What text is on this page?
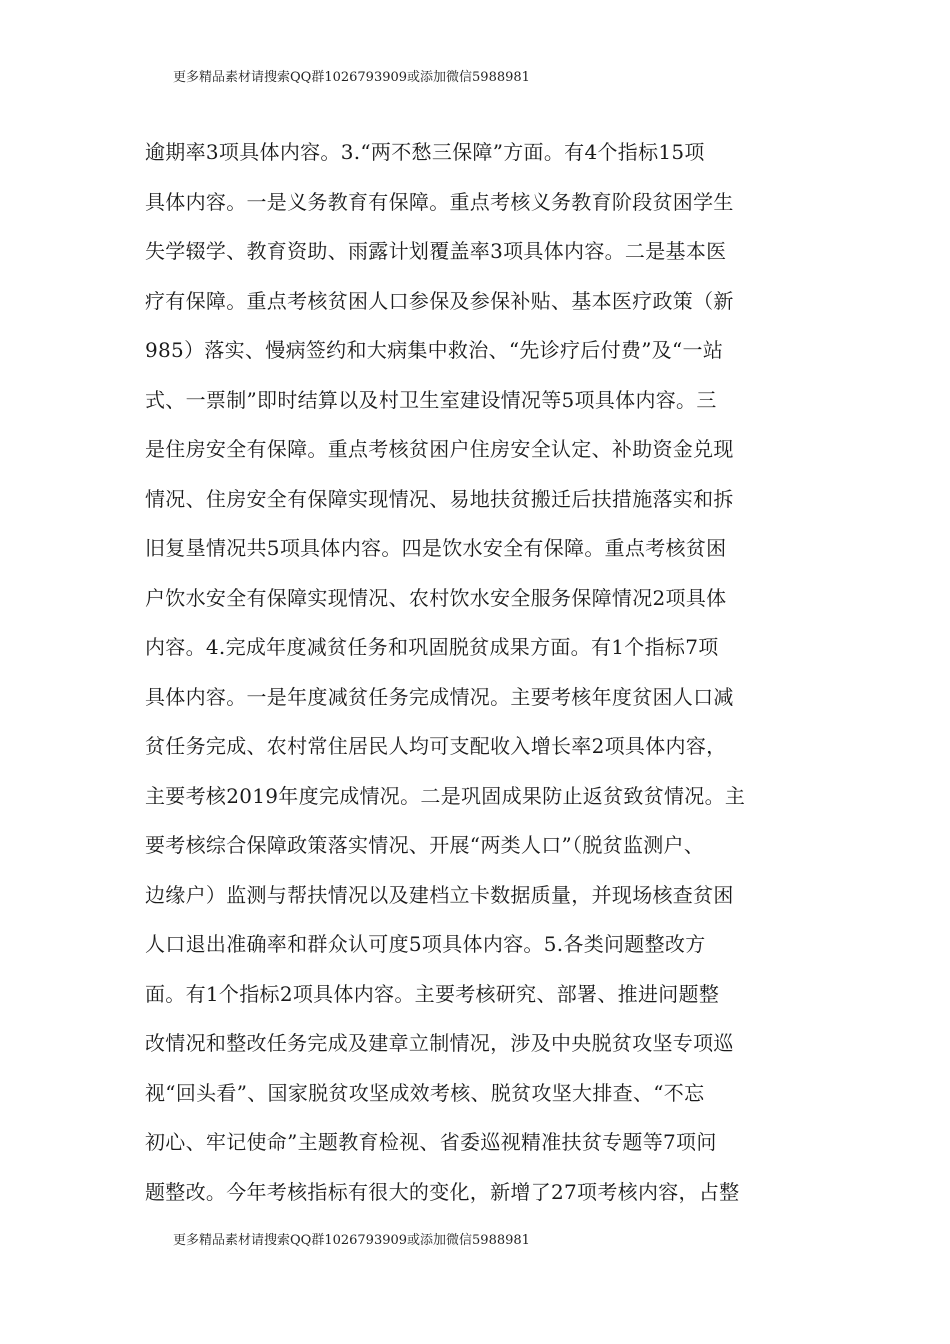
更多精品素材请搜索QQ群1026793909或添加微信5988981
逾期率3项具体内容。3.“两不愁三保障”方面。有4个指标15项
具体内容。一是义务教育有保障。重点考核义务教育阶段贫困学生
失学辍学、教育资助、雨露计划覆盖率3项具体内容。二是基本医
疗有保障。重点考核贫困人口参保及参保补贴、基本医疗政策（新
985）落实、慢病签约和大病集中救治、“先诊疗后付费”及“一站
式、一票制”即时结算以及村卫生室建设情况等5项具体内容。三
是住房安全有保障。重点考核贫困户住房安全认定、补助资金兑现
情况、住房安全有保障实现情况、易地扶贫搬迁后扶措施落实和拆
旧复垦情况共5项具体内容。四是饮水安全有保障。重点考核贫困
户饮水安全有保障实现情况、农村饮水安全服务保障情况2项具体
内容。4.完成年度减贫任务和巩固脱贫成果方面。有1个指标7项
具体内容。一是年度减贫任务完成情况。主要考核年度贫困人口减
贫任务完成、农村常住居民人均可支配收入增长率2项具体内容，
主要考核2019年度完成情况。二是巩固成果防止返贫致贫情况。主
要考核综合保障政策落实情况、开展“两类人口”（脱贫监测户、
边缘户）监测与帮扶情况以及建档立卡数据质量，并现场核查贫困
人口退出准确率和群众认可度5项具体内容。5.各类问题整改方
面。有1个指标2项具体内容。主要考核研究、部署、推进问题整
改情况和整改任务完成及建章立制情况，涉及中央脱贫攻坚专项巡
视“回头看”、国家脱贫攻坚成效考核、脱贫攻坚大排查、“不忘
初心、牢记使命”主题教育检视、省委巡视精准扶贫专题等7项问
题整改。今年考核指标有很大的变化，新增了27项考核内容，占整
更多精品素材请搜索QQ群1026793909或添加微信5988981
